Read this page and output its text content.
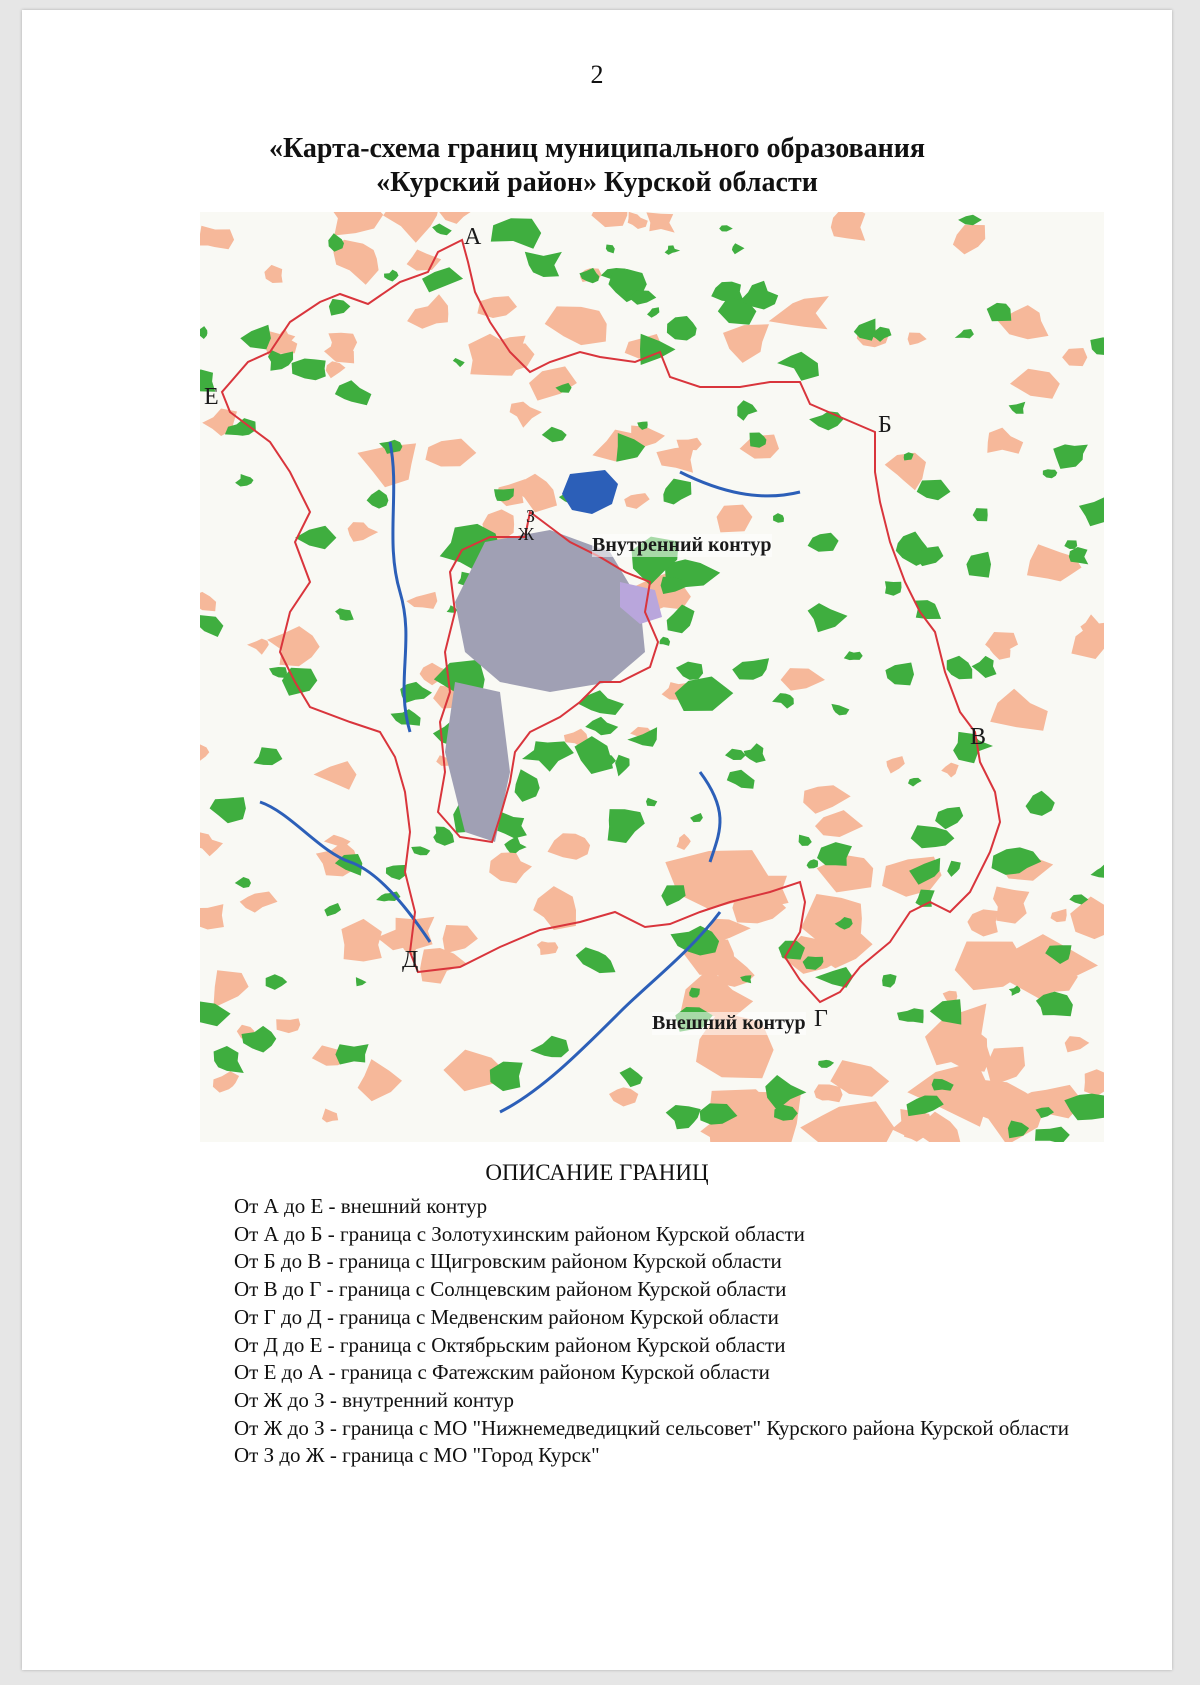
2
«Карта-схема границ муниципального образования
«Курский район» Курской области
А
Б
В
Г
Д
Е
Ж
З
Внутренний контур
Внешний контур
ОПИСАНИЕ ГРАНИЦ
От А до Е - внешний контур
От А до Б - граница с Золотухинским районом Курской области
От Б до В - граница с Щигровским районом Курской области
От В до Г - граница с Солнцевским районом Курской области
От Г до Д - граница с Медвенским районом Курской области
От Д до Е - граница с Октябрьским районом Курской области
От Е до А - граница с Фатежским районом Курской области
От Ж до З - внутренний контур
От Ж до З - граница с МО "Нижнемедведицкий сельсовет" Курского района Курской области
От З до Ж - граница с МО "Город Курск"
